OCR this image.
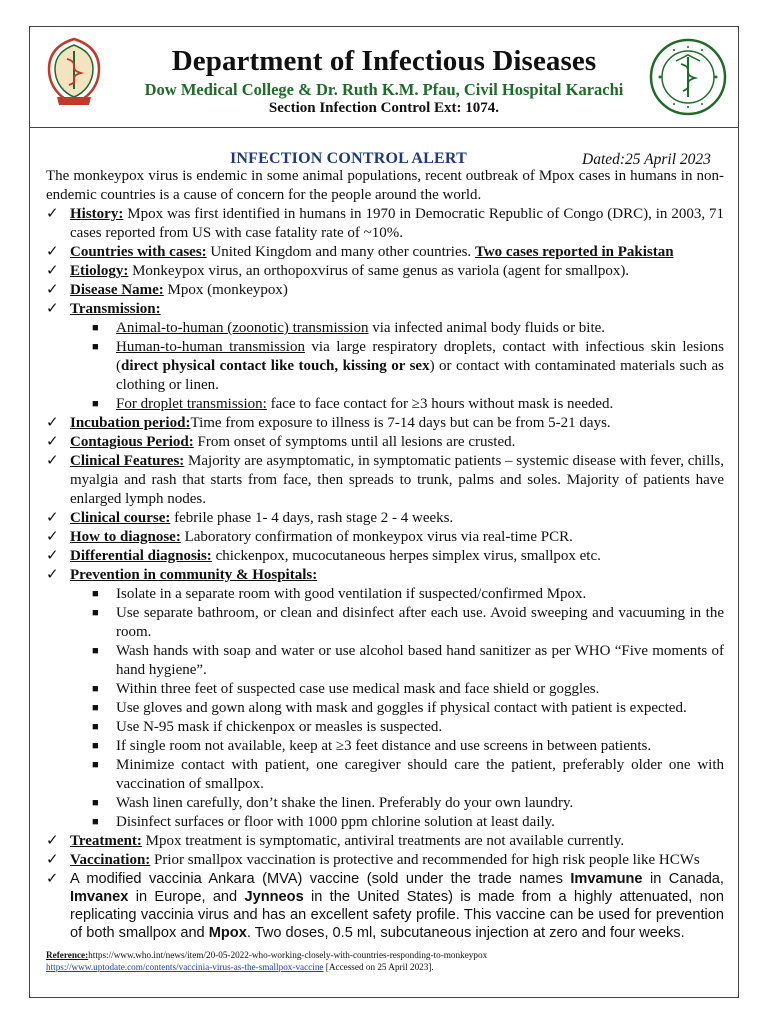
Department of Infectious Diseases
Dow Medical College & Dr. Ruth K.M. Pfau, Civil Hospital Karachi
Section Infection Control Ext: 1074.
INFECTION CONTROL ALERT	Dated:25 April 2023

The monkeypox virus is endemic in some animal populations, recent outbreak of Mpox cases in humans in non-endemic countries is a cause of concern for the people around the world.

✓ History: Mpox was first identified in humans in 1970 in Democratic Republic of Congo (DRC), in 2003, 71 cases reported from US with case fatality rate of ~10%.
✓ Countries with cases: United Kingdom and many other countries. Two cases reported in Pakistan
✓ Etiology: Monkeypox virus, an orthopoxvirus of same genus as variola (agent for smallpox).
✓ Disease Name: Mpox (monkeypox)
✓ Transmission:
■ Animal-to-human (zoonotic) transmission via infected animal body fluids or bite.
■ Human-to-human transmission via large respiratory droplets, contact with infectious skin lesions (direct physical contact like touch, kissing or sex) or contact with contaminated materials such as clothing or linen.
■ For droplet transmission: face to face contact for ≥3 hours without mask is needed.
✓ Incubation period:Time from exposure to illness is 7-14 days but can be from 5-21 days.
✓ Contagious Period: From onset of symptoms until all lesions are crusted.
✓ Clinical Features: Majority are asymptomatic, in symptomatic patients – systemic disease with fever, chills, myalgia and rash that starts from face, then spreads to trunk, palms and soles. Majority of patients have enlarged lymph nodes.
✓ Clinical course: febrile phase 1- 4 days, rash stage 2 - 4 weeks.
✓ How to diagnose: Laboratory confirmation of monkeypox virus via real-time PCR.
✓ Differential diagnosis: chickenpox, mucocutaneous herpes simplex virus, smallpox etc.
✓ Prevention in community & Hospitals:
■ Isolate in a separate room with good ventilation if suspected/confirmed Mpox.
■ Use separate bathroom, or clean and disinfect after each use. Avoid sweeping and vacuuming in the room.
■ Wash hands with soap and water or use alcohol based hand sanitizer as per WHO “Five moments of hand hygiene”.
■ Within three feet of suspected case use medical mask and face shield or goggles.
■ Use gloves and gown along with mask and goggles if physical contact with patient is expected.
■ Use N-95 mask if chickenpox or measles is suspected.
■ If single room not available, keep at ≥3 feet distance and use screens in between patients.
■ Minimize contact with patient, one caregiver should care the patient, preferably older one with vaccination of smallpox.
■ Wash linen carefully, don’t shake the linen. Preferably do your own laundry.
■ Disinfect surfaces or floor with 1000 ppm chlorine solution at least daily.
✓ Treatment: Mpox treatment is symptomatic, antiviral treatments are not available currently.
✓ Vaccination: Prior smallpox vaccination is protective and recommended for high risk people like HCWs
✓ A modified vaccinia Ankara (MVA) vaccine (sold under the trade names Imvamune in Canada, Imvanex in Europe, and Jynneos in the United States) is made from a highly attenuated, non replicating vaccinia virus and has an excellent safety profile. This vaccine can be used for prevention of both smallpox and Mpox. Two doses, 0.5 ml, subcutaneous injection at zero and four weeks.
Reference:https://www.who.int/news/item/20-05-2022-who-working-closely-with-countries-responding-to-monkeypox
https://www.uptodate.com/contents/vaccinia-virus-as-the-smallpox-vaccine [Accessed on 25 April 2023].
